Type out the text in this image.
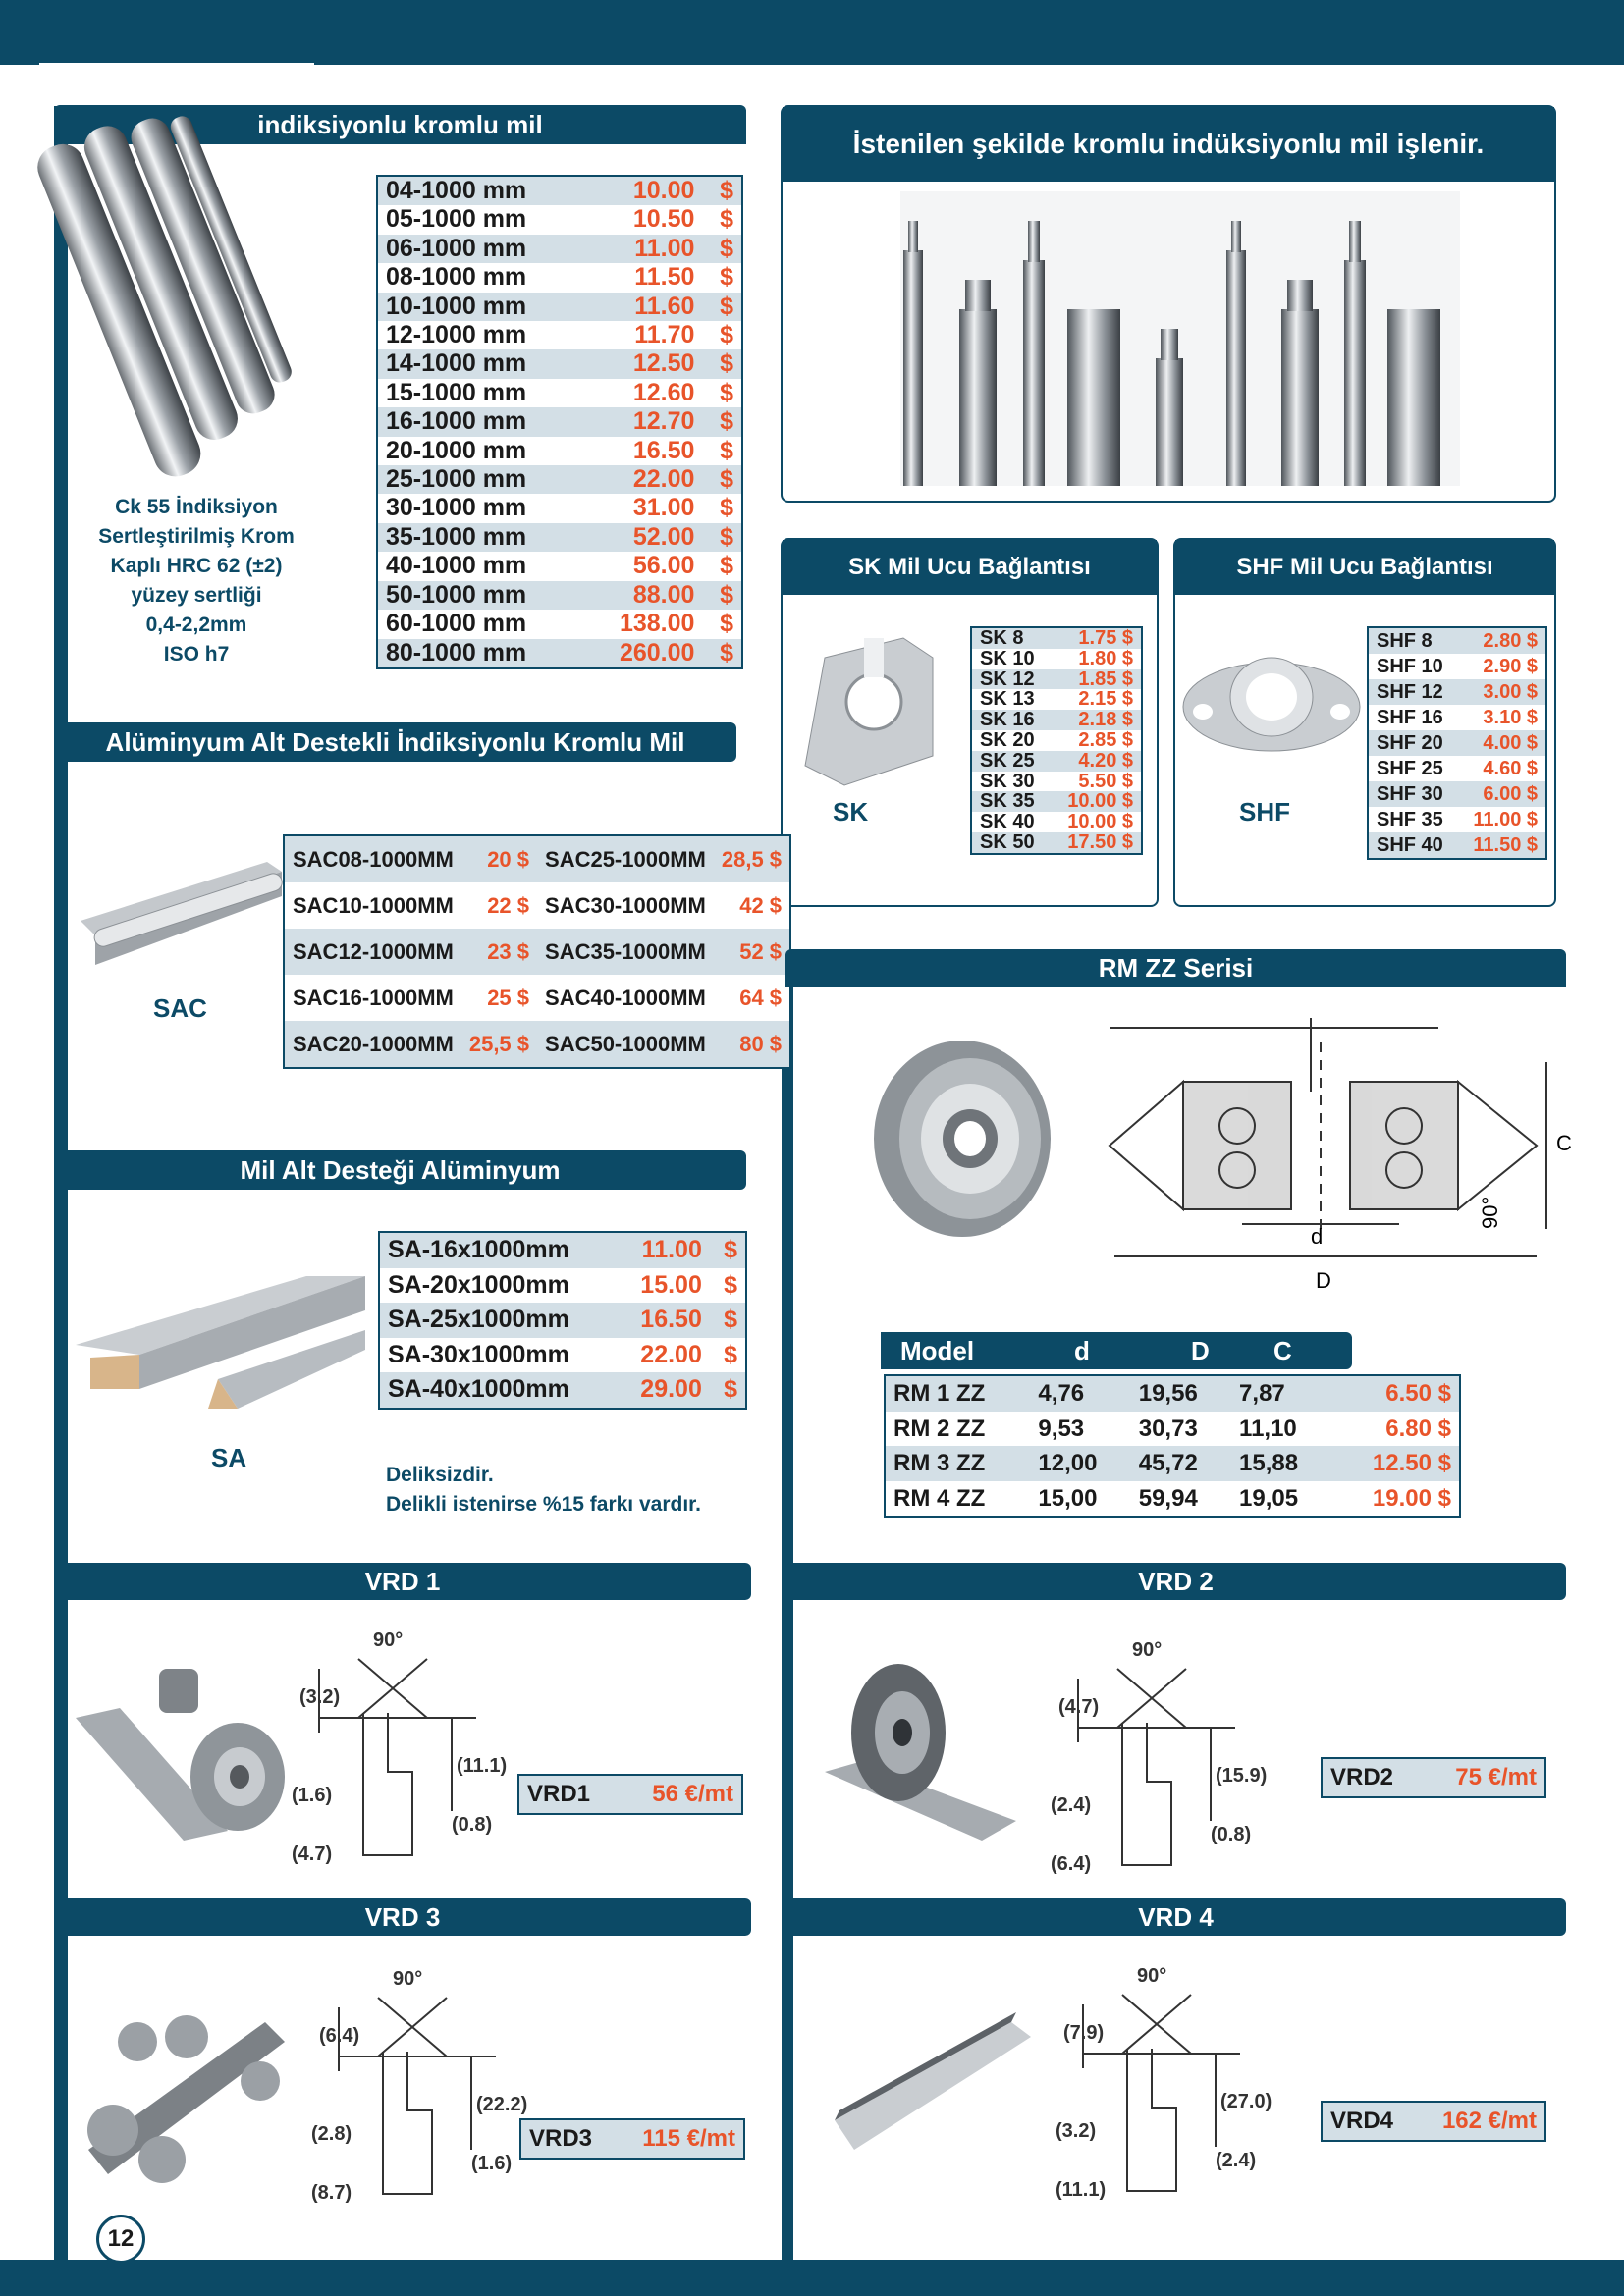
12
indiksiyonlu kromlu mil
Ck 55 İndiksiyon
Sertleştirilmiş Krom
Kaplı HRC 62 (±2)
yüzey sertliği
0,4-2,2mm
ISO h7
04-1000 mm	10.00	$
05-1000 mm	10.50	$
06-1000 mm	11.00	$
08-1000 mm	11.50	$
10-1000 mm	11.60	$
12-1000 mm	11.70	$
14-1000 mm	12.50	$
15-1000 mm	12.60	$
16-1000 mm	12.70	$
20-1000 mm	16.50	$
25-1000 mm	22.00	$
30-1000 mm	31.00	$
35-1000 mm	52.00	$
40-1000 mm	56.00	$
50-1000 mm	88.00	$
60-1000 mm	138.00	$
80-1000 mm	260.00	$
İstenilen şekilde kromlu indüksiyonlu mil işlenir.
SK Mil Ucu Bağlantısı
SK
SK 8	1.75 $
SK 10	1.80 $
SK 12	1.85 $
SK 13	2.15 $
SK 16	2.18 $
SK 20	2.85 $
SK 25	4.20 $
SK 30	5.50 $
SK 35	10.00 $
SK 40	10.00 $
SK 50	17.50 $
SHF Mil Ucu Bağlantısı
SHF
SHF 8	2.80 $
SHF 10	2.90 $
SHF 12	3.00 $
SHF 16	3.10 $
SHF 20	4.00 $
SHF 25	4.60 $
SHF 30	6.00 $
SHF 35	11.00 $
SHF 40	11.50 $
Alüminyum Alt Destekli İndiksiyonlu Kromlu Mil
SAC
SAC08-1000MM	20 $	SAC25-1000MM	28,5 $
SAC10-1000MM	22 $	SAC30-1000MM	42 $
SAC12-1000MM	23 $	SAC35-1000MM	52 $
SAC16-1000MM	25 $	SAC40-1000MM	64 $
SAC20-1000MM	25,5 $	SAC50-1000MM	80 $
Mil Alt Desteği Alüminyum
SA
SA-16x1000mm	11.00	$
SA-20x1000mm	15.00	$
SA-25x1000mm	16.50	$
SA-30x1000mm	22.00	$
SA-40x1000mm	29.00	$
Deliksizdir.
Delikli istenirse %15 farkı vardır.
RM ZZ Serisi
90°
C
D
d
Model	d	D	C
RM 1 ZZ	4,76	19,56	7,87	6.50 $
RM 2 ZZ	9,53	30,73	11,10	6.80 $
RM 3 ZZ	12,00	45,72	15,88	12.50 $
RM 4 ZZ	15,00	59,94	19,05	19.00 $
VRD 1	VRD 2
VRD 3	VRD 4
90°
(3.2)
(11.1)
(1.6)
(0.8)
(4.7)
90°
(4.7)
(15.9)
(2.4)
(0.8)
(6.4)
90°
(6.4)
(22.2)
(2.8)
(1.6)
(8.7)
90°
(7.9)
(27.0)
(3.2)
(2.4)
(11.1)
VRD1	56 €/mt
VRD2	75 €/mt
VRD3	115 €/mt
VRD4	162 €/mt
